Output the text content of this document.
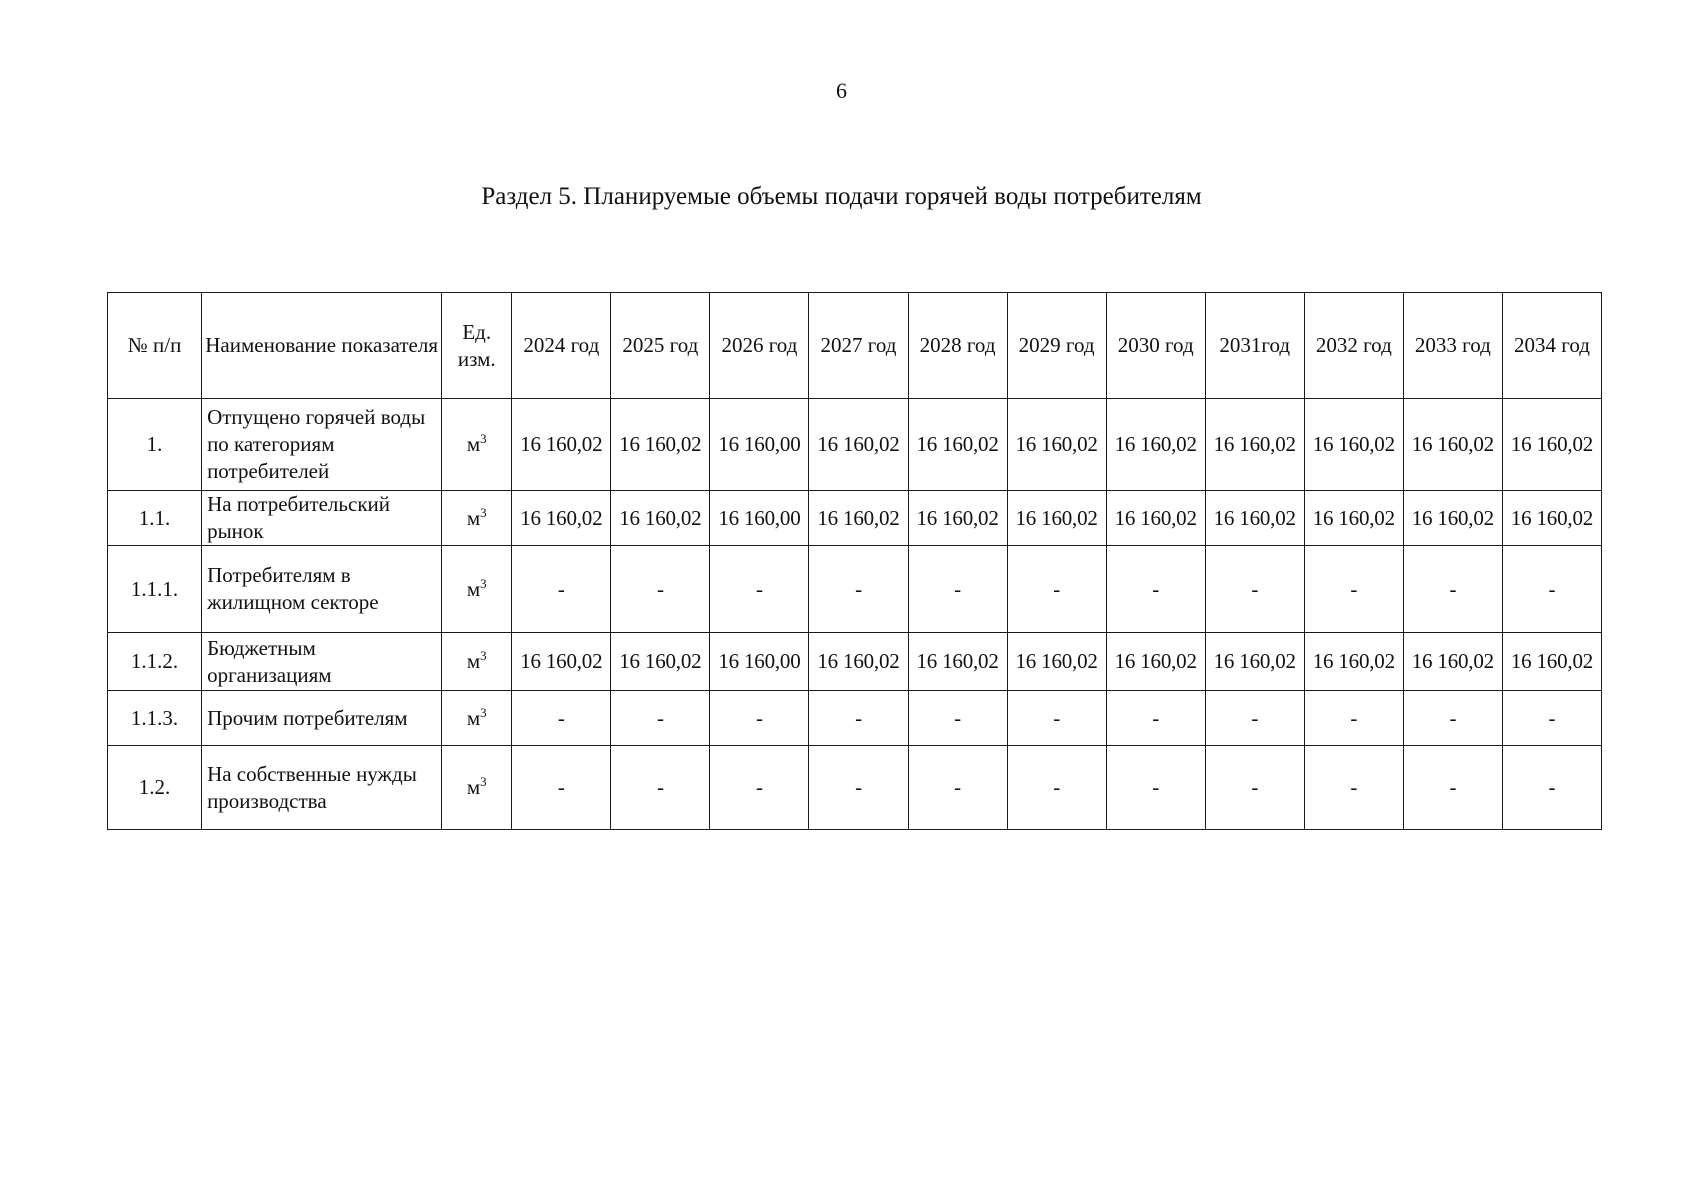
6
Раздел 5. Планируемые объемы подачи горячей воды потребителям
№ п/п	Наименование показателя	Ед. изм.	2024 год	2025 год	2026 год	2027 год	2028 год	2029 год	2030 год	2031год	2032 год	2033 год	2034 год
1.	Отпущено горячей воды по категориям потребителей	$м^3$	16 160,02	16 160,02	16 160,00	16 160,02	16 160,02	16 160,02	16 160,02	16 160,02	16 160,02	16 160,02	16 160,02
1.1.	На потребительский рынок	$м^3$	16 160,02	16 160,02	16 160,00	16 160,02	16 160,02	16 160,02	16 160,02	16 160,02	16 160,02	16 160,02	16 160,02
1.1.1.	Потребителям в жилищном секторе	$м^3$	-	-	-	-	-	-	-	-	-	-	-
1.1.2.	Бюджетным организациям	$м^3$	16 160,02	16 160,02	16 160,00	16 160,02	16 160,02	16 160,02	16 160,02	16 160,02	16 160,02	16 160,02	16 160,02
1.1.3.	Прочим потребителям	$м^3$	-	-	-	-	-	-	-	-	-	-	-
1.2.	На собственные нужды производства	$м^3$	-	-	-	-	-	-	-	-	-	-	-
